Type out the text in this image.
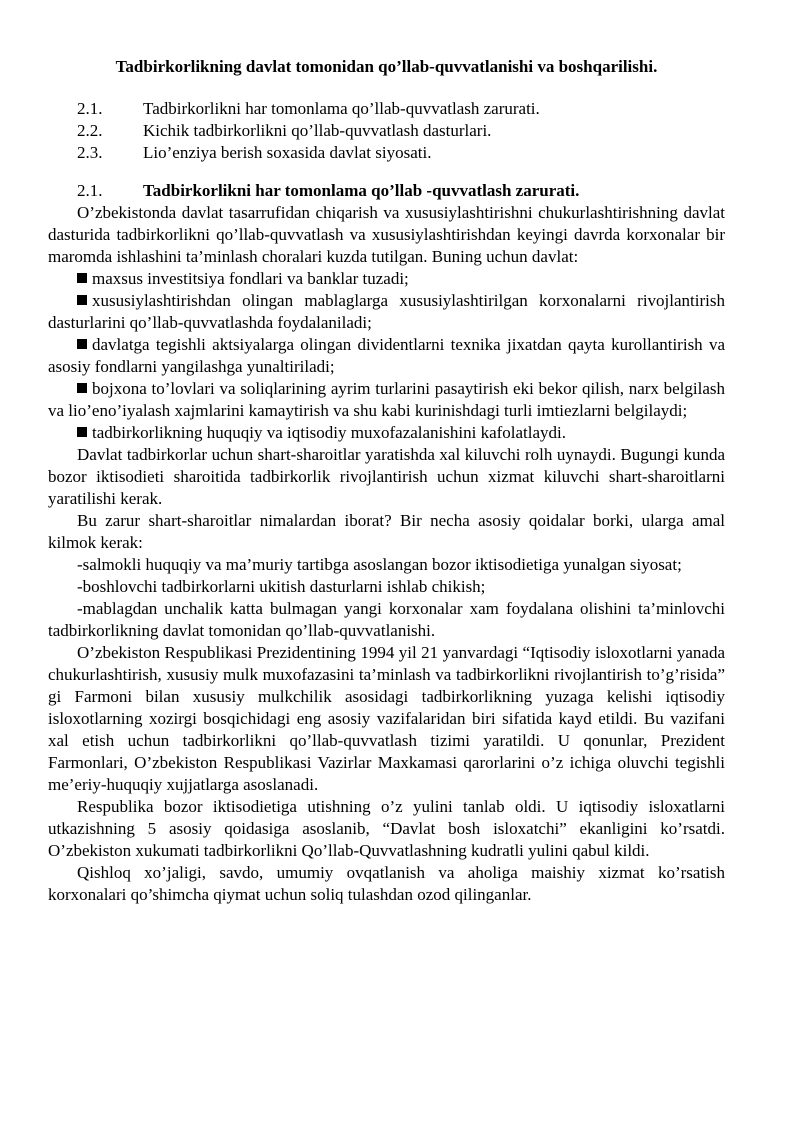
Tadbirkorlikning davlat tomonidan qo’llab-quvvatlanishi va boshqarilishi.
2.1.	Tadbirkorlikni har tomonlama qo’llab-quvvatlash zarurati.
2.2.	Kichik tadbirkorlikni qo’llab-quvvatlash dasturlari.
2.3.	Lio’enziya berish soxasida davlat siyosati.
2.1.	Tadbirkorlikni har tomonlama qo’llab -quvvatlash zarurati.

O’zbekistonda davlat tasarrufidan chiqarish va xususiylashtirishni chukurlashtirishning davlat dasturida tadbirkorlikni qo’llab-quvvatlash va xususiylashtirishdan keyingi davrda korxonalar bir maromda ishlashini ta’minlash choralari kuzda tutilgan. Buning uchun davlat:

maxsus investitsiya fondlari va banklar tuzadi;
xususiylashtirishdan olingan mablaglarga xususiylashtirilgan korxonalarni rivojlantirish dasturlarini qo’llab-quvvatlashda foydalaniladi;
davlatga tegishli aktsiyalarga olingan dividentlarni texnika jixatdan qayta kurollantirish va asosiy fondlarni yangilashga yunaltiriladi;
bojxona to’lovlari va soliqlarining ayrim turlarini pasaytirish eki bekor qilish, narx belgilash va lio’eno’iyalash xajmlarini kamaytirish va shu kabi kurinishdagi turli imtiezlarni belgilaydi;
tadbirkorlikning huquqiy va iqtisodiy muxofazalanishini kafolatlaydi.

Davlat tadbirkorlar uchun shart-sharoitlar yaratishda xal kiluvchi rolh uynaydi. Bugungi kunda bozor iktisodieti sharoitida tadbirkorlik rivojlantirish uchun xizmat kiluvchi shart-sharoitlarni yaratilishi kerak.

Bu zarur shart-sharoitlar nimalardan iborat? Bir necha asosiy qoidalar borki, ularga amal kilmok kerak:

-salmokli huquqiy va ma’muriy tartibga asoslangan bozor iktisodietiga yunalgan siyosat;

-boshlovchi tadbirkorlarni ukitish dasturlarni ishlab chikish;

-mablagdan unchalik katta bulmagan yangi korxonalar xam foydalana olishini ta’minlovchi tadbirkorlikning davlat tomonidan qo’llab-quvvatlanishi.

O’zbekiston Respublikasi Prezidentining 1994 yil 21 yanvardagi “Iqtisodiy isloxotlarni yanada chukurlashtirish, xususiy mulk muxofazasini ta’minlash va tadbirkorlikni rivojlantirish to’g’risida” gi Farmoni bilan xususiy mulkchilik asosidagi tadbirkorlikning yuzaga kelishi iqtisodiy isloxotlarning xozirgi bosqichidagi eng asosiy vazifalaridan biri sifatida kayd etildi. Bu vazifani xal etish uchun tadbirkorlikni qo’llab-quvvatlash tizimi yaratildi. U qonunlar, Prezident Farmonlari, O’zbekiston Respublikasi Vazirlar Maxkamasi qarorlarini o’z ichiga oluvchi tegishli me’eriy-huquqiy xujjatlarga asoslanadi.

Respublika bozor iktisodietiga utishning o’z yulini tanlab oldi. U iqtisodiy isloxatlarni utkazishning 5 asosiy qoidasiga asoslanib, “Davlat bosh isloxatchi” ekanligini ko’rsatdi. O’zbekiston xukumati tadbirkorlikni Qo’llab-Quvvatlashning kudratli yulini qabul kildi.

Qishloq xo’jaligi, savdo, umumiy ovqatlanish va aholiga maishiy xizmat ko’rsatish korxonalari qo’shimcha qiymat uchun soliq tulashdan ozod qilinganlar.
